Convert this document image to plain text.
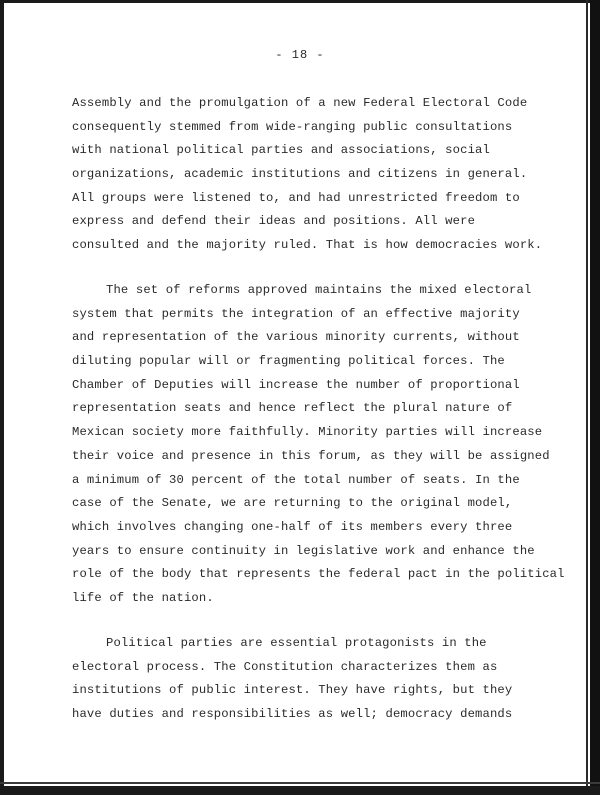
- 18 -
Assembly and the promulgation of a new Federal Electoral Code
consequently stemmed from wide-ranging public consultations
with national political parties and associations, social
organizations, academic institutions and citizens in general.
All groups were listened to, and had unrestricted freedom to
express and defend their ideas and positions. All were
consulted and the majority ruled. That is how democracies work.
The set of reforms approved maintains the mixed electoral
system that permits the integration of an effective majority
and representation of the various minority currents, without
diluting popular will or fragmenting political forces. The
Chamber of Deputies will increase the number of proportional
representation seats and hence reflect the plural nature of
Mexican society more faithfully. Minority parties will increase
their voice and presence in this forum, as they will be assigned
a minimum of 30 percent of the total number of seats. In the
case of the Senate, we are returning to the original model,
which involves changing one-half of its members every three
years to ensure continuity in legislative work and enhance the
role of the body that represents the federal pact in the political
life of the nation.
Political parties are essential protagonists in the
electoral process. The Constitution characterizes them as
institutions of public interest. They have rights, but they
have duties and responsibilities as well; democracy demands
